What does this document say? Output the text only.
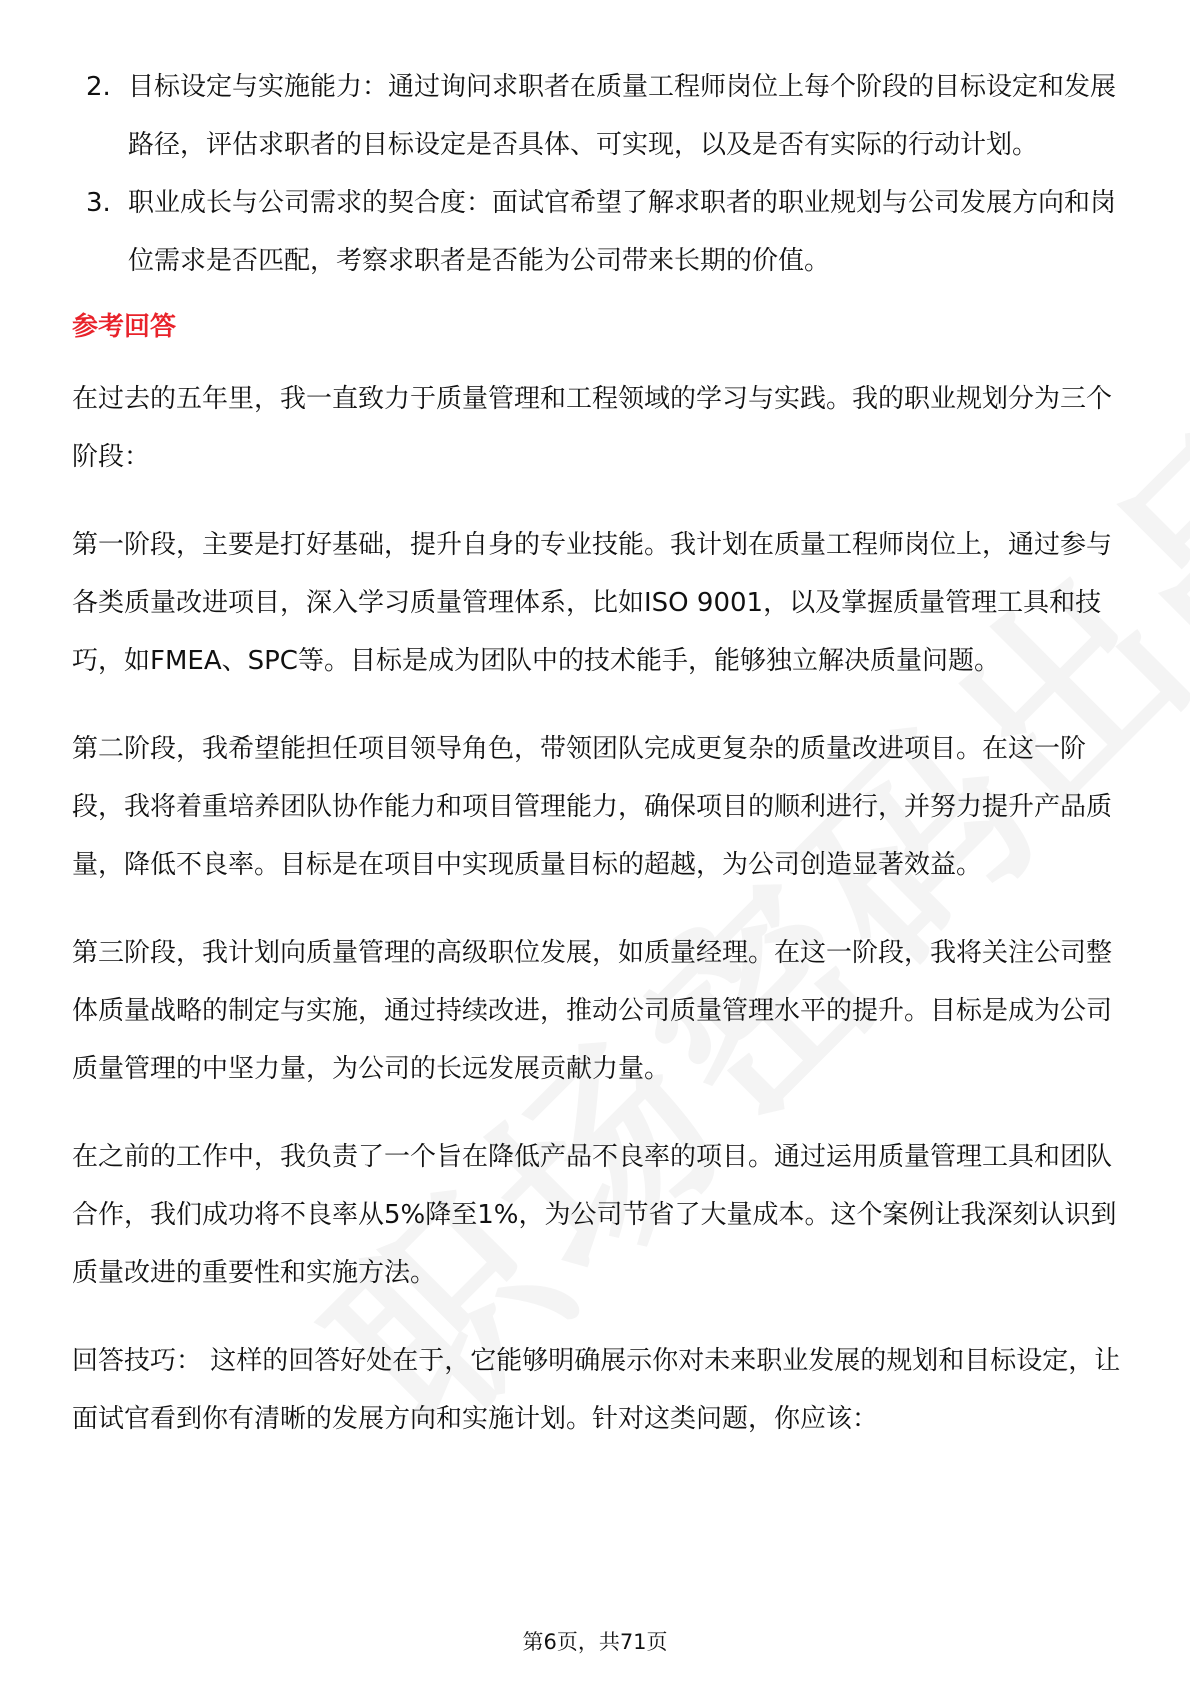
2. 目标设定与实施能力：通过询问求职者在质量工程师岗位上每个阶段的目标设定和发展路径，评估求职者的目标设定是否具体、可实现，以及是否有实际的行动计划。
3. 职业成长与公司需求的契合度：面试官希望了解求职者的职业规划与公司发展方向和岗位需求是否匹配，考察求职者是否能为公司带来长期的价值。
参考回答

在过去的五年里，我一直致力于质量管理和工程领域的学习与实践。我的职业规划分为三个阶段：

第一阶段，主要是打好基础，提升自身的专业技能。我计划在质量工程师岗位上，通过参与各类质量改进项目，深入学习质量管理体系，比如ISO 9001，以及掌握质量管理工具和技巧，如FMEA、SPC等。目标是成为团队中的技术能手，能够独立解决质量问题。

第二阶段，我希望能担任项目领导角色，带领团队完成更复杂的质量改进项目。在这一阶段，我将着重培养团队协作能力和项目管理能力，确保项目的顺利进行，并努力提升产品质量，降低不良率。目标是在项目中实现质量目标的超越，为公司创造显著效益。

第三阶段，我计划向质量管理的高级职位发展，如质量经理。在这一阶段，我将关注公司整体质量战略的制定与实施，通过持续改进，推动公司质量管理水平的提升。目标是成为公司质量管理的中坚力量，为公司的长远发展贡献力量。

在之前的工作中，我负责了一个旨在降低产品不良率的项目。通过运用质量管理工具和团队合作，我们成功将不良率从5%降至1%，为公司节省了大量成本。这个案例让我深刻认识到质量改进的重要性和实施方法。

回答技巧： 这样的回答好处在于，它能够明确展示你对未来职业发展的规划和目标设定，让面试官看到你有清晰的发展方向和实施计划。针对这类问题，你应该：

第6页，共71页
